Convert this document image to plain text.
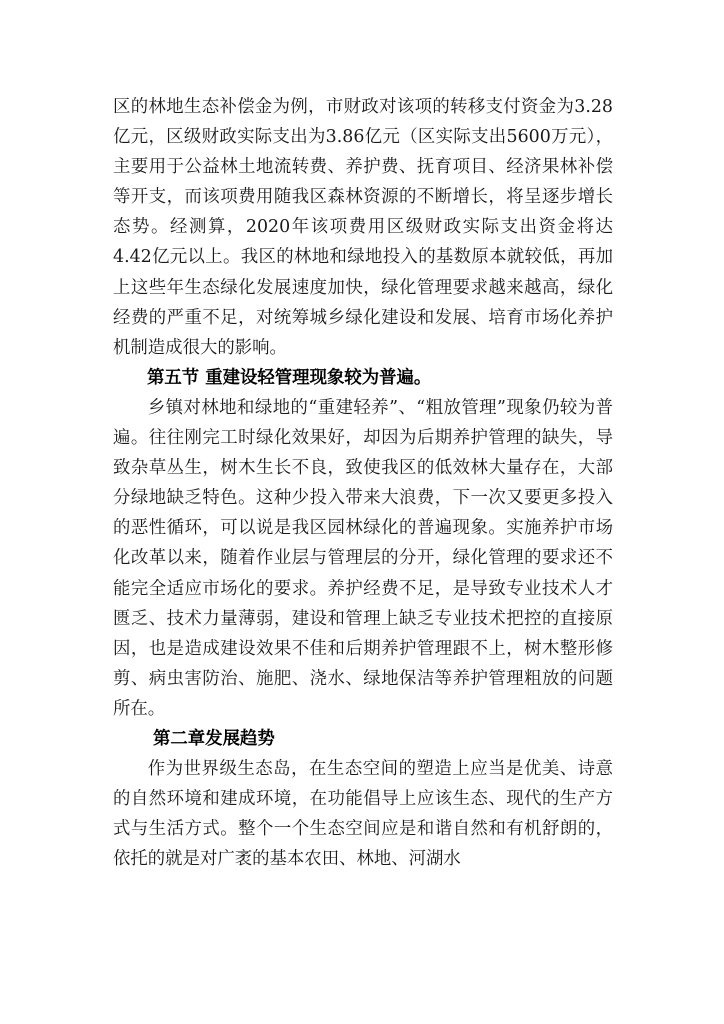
区的林地生态补偿金为例，市财政对该项的转移支付资金为3.28亿元，区级财政实际支出为3.86亿元（区实际支出5600万元），主要用于公益林土地流转费、养护费、抚育项目、经济果林补偿等开支，而该项费用随我区森林资源的不断增长，将呈逐步增长态势。经测算，2020年该项费用区级财政实际支出资金将达4.42亿元以上。我区的林地和绿地投入的基数原本就较低，再加上这些年生态绿化发展速度加快，绿化管理要求越来越高，绿化经费的严重不足，对统筹城乡绿化建设和发展、培育市场化养护机制造成很大的影响。

第五节 重建设轻管理现象较为普遍。

乡镇对林地和绿地的“重建轻养”、“粗放管理”现象仍较为普遍。往往刚完工时绿化效果好，却因为后期养护管理的缺失，导致杂草丛生，树木生长不良，致使我区的低效林大量存在，大部分绿地缺乏特色。这种少投入带来大浪费，下一次又要更多投入的恶性循环，可以说是我区园林绿化的普遍现象。实施养护市场化改革以来，随着作业层与管理层的分开，绿化管理的要求还不能完全适应市场化的要求。养护经费不足，是导致专业技术人才匮乏、技术力量薄弱，建设和管理上缺乏专业技术把控的直接原因，也是造成建设效果不佳和后期养护管理跟不上，树木整形修剪、病虫害防治、施肥、浇水、绿地保洁等养护管理粗放的问题所在。

第二章发展趋势

作为世界级生态岛，在生态空间的塑造上应当是优美、诗意的自然环境和建成环境，在功能倡导上应该生态、现代的生产方式与生活方式。整个一个生态空间应是和谐自然和有机舒朗的，依托的就是对广袤的基本农田、林地、河湖水
